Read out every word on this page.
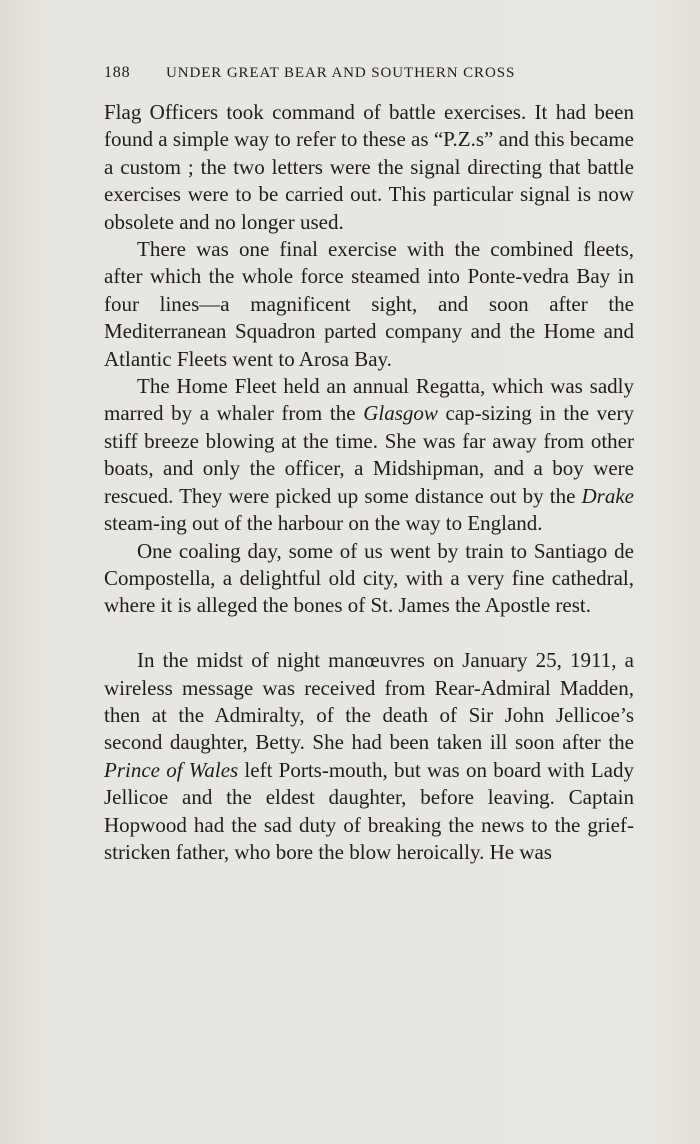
188 UNDER GREAT BEAR AND SOUTHERN CROSS

Flag Officers took command of battle exercises. It had been found a simple way to refer to these as “P.Z.s” and this became a custom ; the two letters were the signal directing that battle exercises were to be carried out. This particular signal is now obsolete and no longer used.

There was one final exercise with the combined fleets, after which the whole force steamed into Ponte-vedra Bay in four lines—a magnificent sight, and soon after the Mediterranean Squadron parted company and the Home and Atlantic Fleets went to Arosa Bay.

The Home Fleet held an annual Regatta, which was sadly marred by a whaler from the Glasgow cap-sizing in the very stiff breeze blowing at the time. She was far away from other boats, and only the officer, a Midshipman, and a boy were rescued. They were picked up some distance out by the Drake steam-ing out of the harbour on the way to England.

One coaling day, some of us went by train to Santiago de Compostella, a delightful old city, with a very fine cathedral, where it is alleged the bones of St. James the Apostle rest.

In the midst of night manœuvres on January 25, 1911, a wireless message was received from Rear-Admiral Madden, then at the Admiralty, of the death of Sir John Jellicoe’s second daughter, Betty. She had been taken ill soon after the Prince of Wales left Ports-mouth, but was on board with Lady Jellicoe and the eldest daughter, before leaving. Captain Hopwood had the sad duty of breaking the news to the grief-stricken father, who bore the blow heroically. He was
